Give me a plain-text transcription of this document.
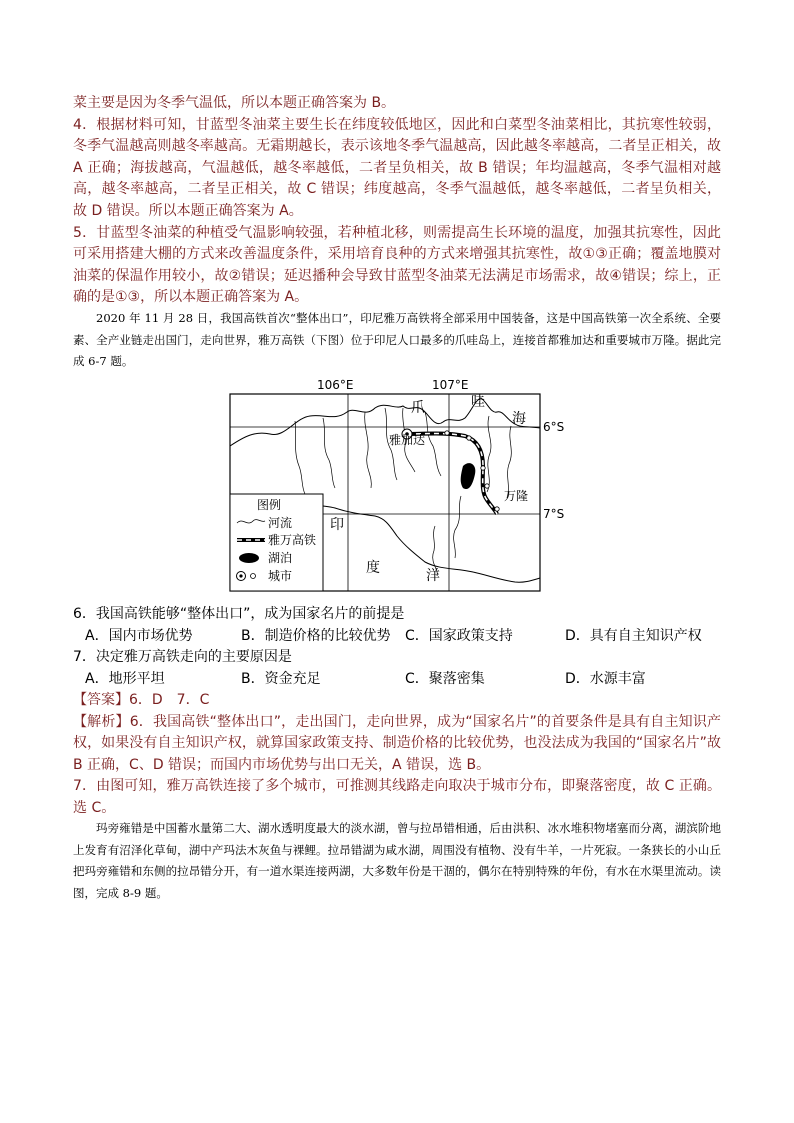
菜主要是因为冬季气温低，所以本题正确答案为 B。

4．根据材料可知，甘蓝型冬油菜主要生长在纬度较低地区，因此和白菜型冬油菜相比，其抗寒性较弱，冬季气温越高则越冬率越高。无霜期越长，表示该地冬季气温越高，因此越冬率越高，二者呈正相关，故 A 正确；海拔越高，气温越低，越冬率越低，二者呈负相关，故 B 错误；年均温越高，冬季气温相对越高，越冬率越高，二者呈正相关，故 C 错误；纬度越高，冬季气温越低，越冬率越低，二者呈负相关，故 D 错误。所以本题正确答案为 A。

5．甘蓝型冬油菜的种植受气温影响较强，若种植北移，则需提高生长环境的温度，加强其抗寒性，因此可采用搭建大棚的方式来改善温度条件，采用培育良种的方式来增强其抗寒性，故①③正确；覆盖地膜对油菜的保温作用较小，故②错误；延迟播种会导致甘蓝型冬油菜无法满足市场需求，故④错误；综上，正确的是①③，所以本题正确答案为 A。

2020 年 11 月 28 日，我国高铁首次“整体出口”，印尼雅万高铁将全部采用中国装备，这是中国高铁第一次全系统、全要素、全产业链走出国门，走向世界，雅万高铁（下图）位于印尼人口最多的爪哇岛上，连接首都雅加达和重要城市万隆。据此完成 6-7 题。

106°E	107°E
6°S
7°S
爪	哇
海
雅加达
万隆
印
度	洋
图例
河流
雅万高铁
湖泊
城市

6．我国高铁能够“整体出口”，成为国家名片的前提是

A．国内市场优势	B．制造价格的比较优势	C．国家政策支持	D．具有自主知识产权

7．决定雅万高铁走向的主要原因是

A．地形平坦	B．资金充足	C．聚落密集	D．水源丰富

【答案】6．D　7．C

【解析】6．我国高铁“整体出口”，走出国门，走向世界，成为“国家名片”的首要条件是具有自主知识产权，如果没有自主知识产权，就算国家政策支持、制造价格的比较优势，也没法成为我国的“国家名片”故 B 正确，C、D 错误；而国内市场优势与出口无关，A 错误，选 B。

7．由图可知，雅万高铁连接了多个城市，可推测其线路走向取决于城市分布，即聚落密度，故 C 正确。选 C。

玛旁雍错是中国蓄水量第二大、湖水透明度最大的淡水湖，曾与拉昂错相通，后由洪积、冰水堆积物堵塞而分离，湖滨阶地上发育有沼泽化草甸，湖中产玛法木灰鱼与裸鲤。拉昂错湖为咸水湖，周围没有植物、没有牛羊，一片死寂。一条狭长的小山丘把玛旁雍错和东侧的拉昂错分开，有一道水渠连接两湖，大多数年份是干涸的，偶尔在特别特殊的年份，有水在水渠里流动。读图，完成 8-9 题。
